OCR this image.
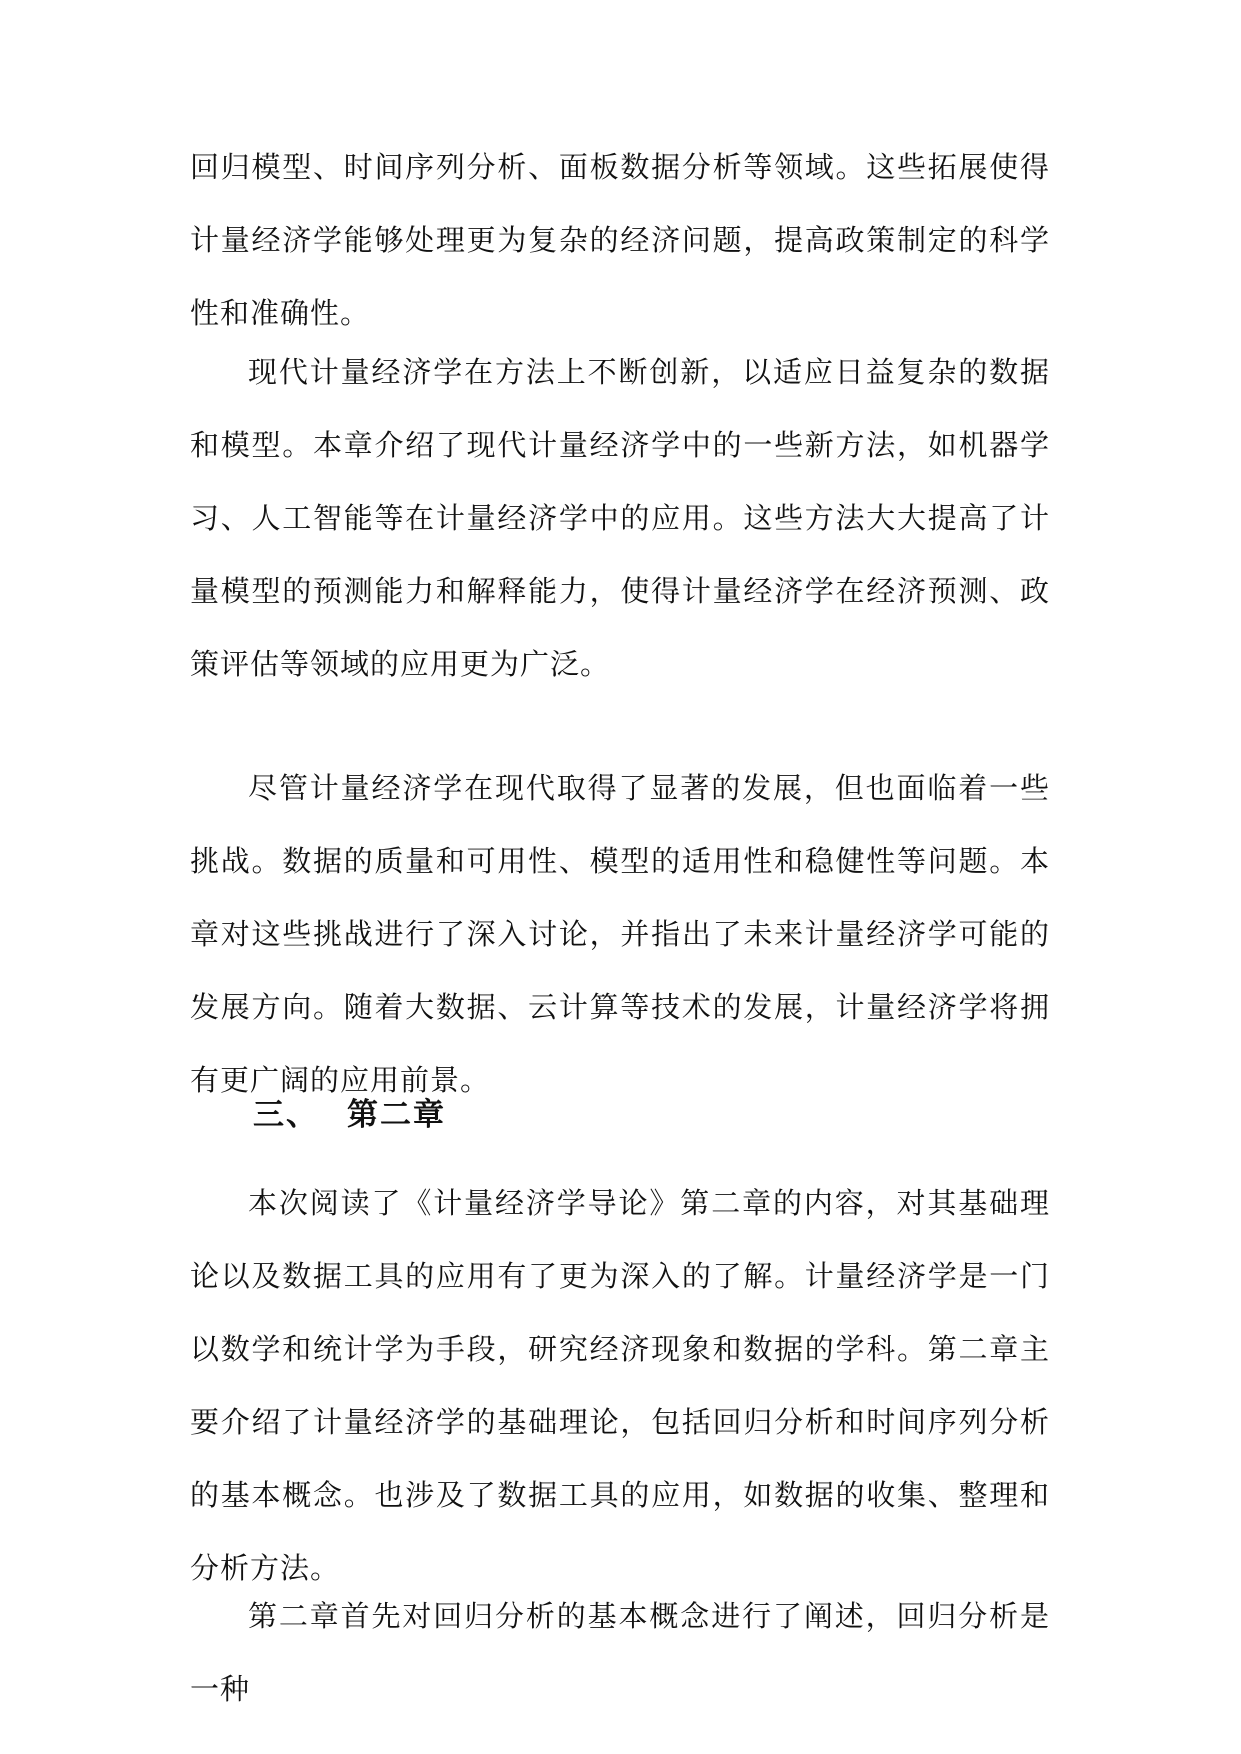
回归模型、时间序列分析、面板数据分析等领域。这些拓展使得计量经济学能够处理更为复杂的经济问题，提高政策制定的科学性和准确性。

现代计量经济学在方法上不断创新，以适应日益复杂的数据和模型。本章介绍了现代计量经济学中的一些新方法，如机器学习、人工智能等在计量经济学中的应用。这些方法大大提高了计量模型的预测能力和解释能力，使得计量经济学在经济预测、政策评估等领域的应用更为广泛。

尽管计量经济学在现代取得了显著的发展，但也面临着一些挑战。数据的质量和可用性、模型的适用性和稳健性等问题。本章对这些挑战进行了深入讨论，并指出了未来计量经济学可能的发展方向。随着大数据、云计算等技术的发展，计量经济学将拥有更广阔的应用前景。

三、 第二章

本次阅读了《计量经济学导论》第二章的内容，对其基础理论以及数据工具的应用有了更为深入的了解。计量经济学是一门以数学和统计学为手段，研究经济现象和数据的学科。第二章主要介绍了计量经济学的基础理论，包括回归分析和时间序列分析的基本概念。也涉及了数据工具的应用，如数据的收集、整理和分析方法。

第二章首先对回归分析的基本概念进行了阐述，回归分析是一种
